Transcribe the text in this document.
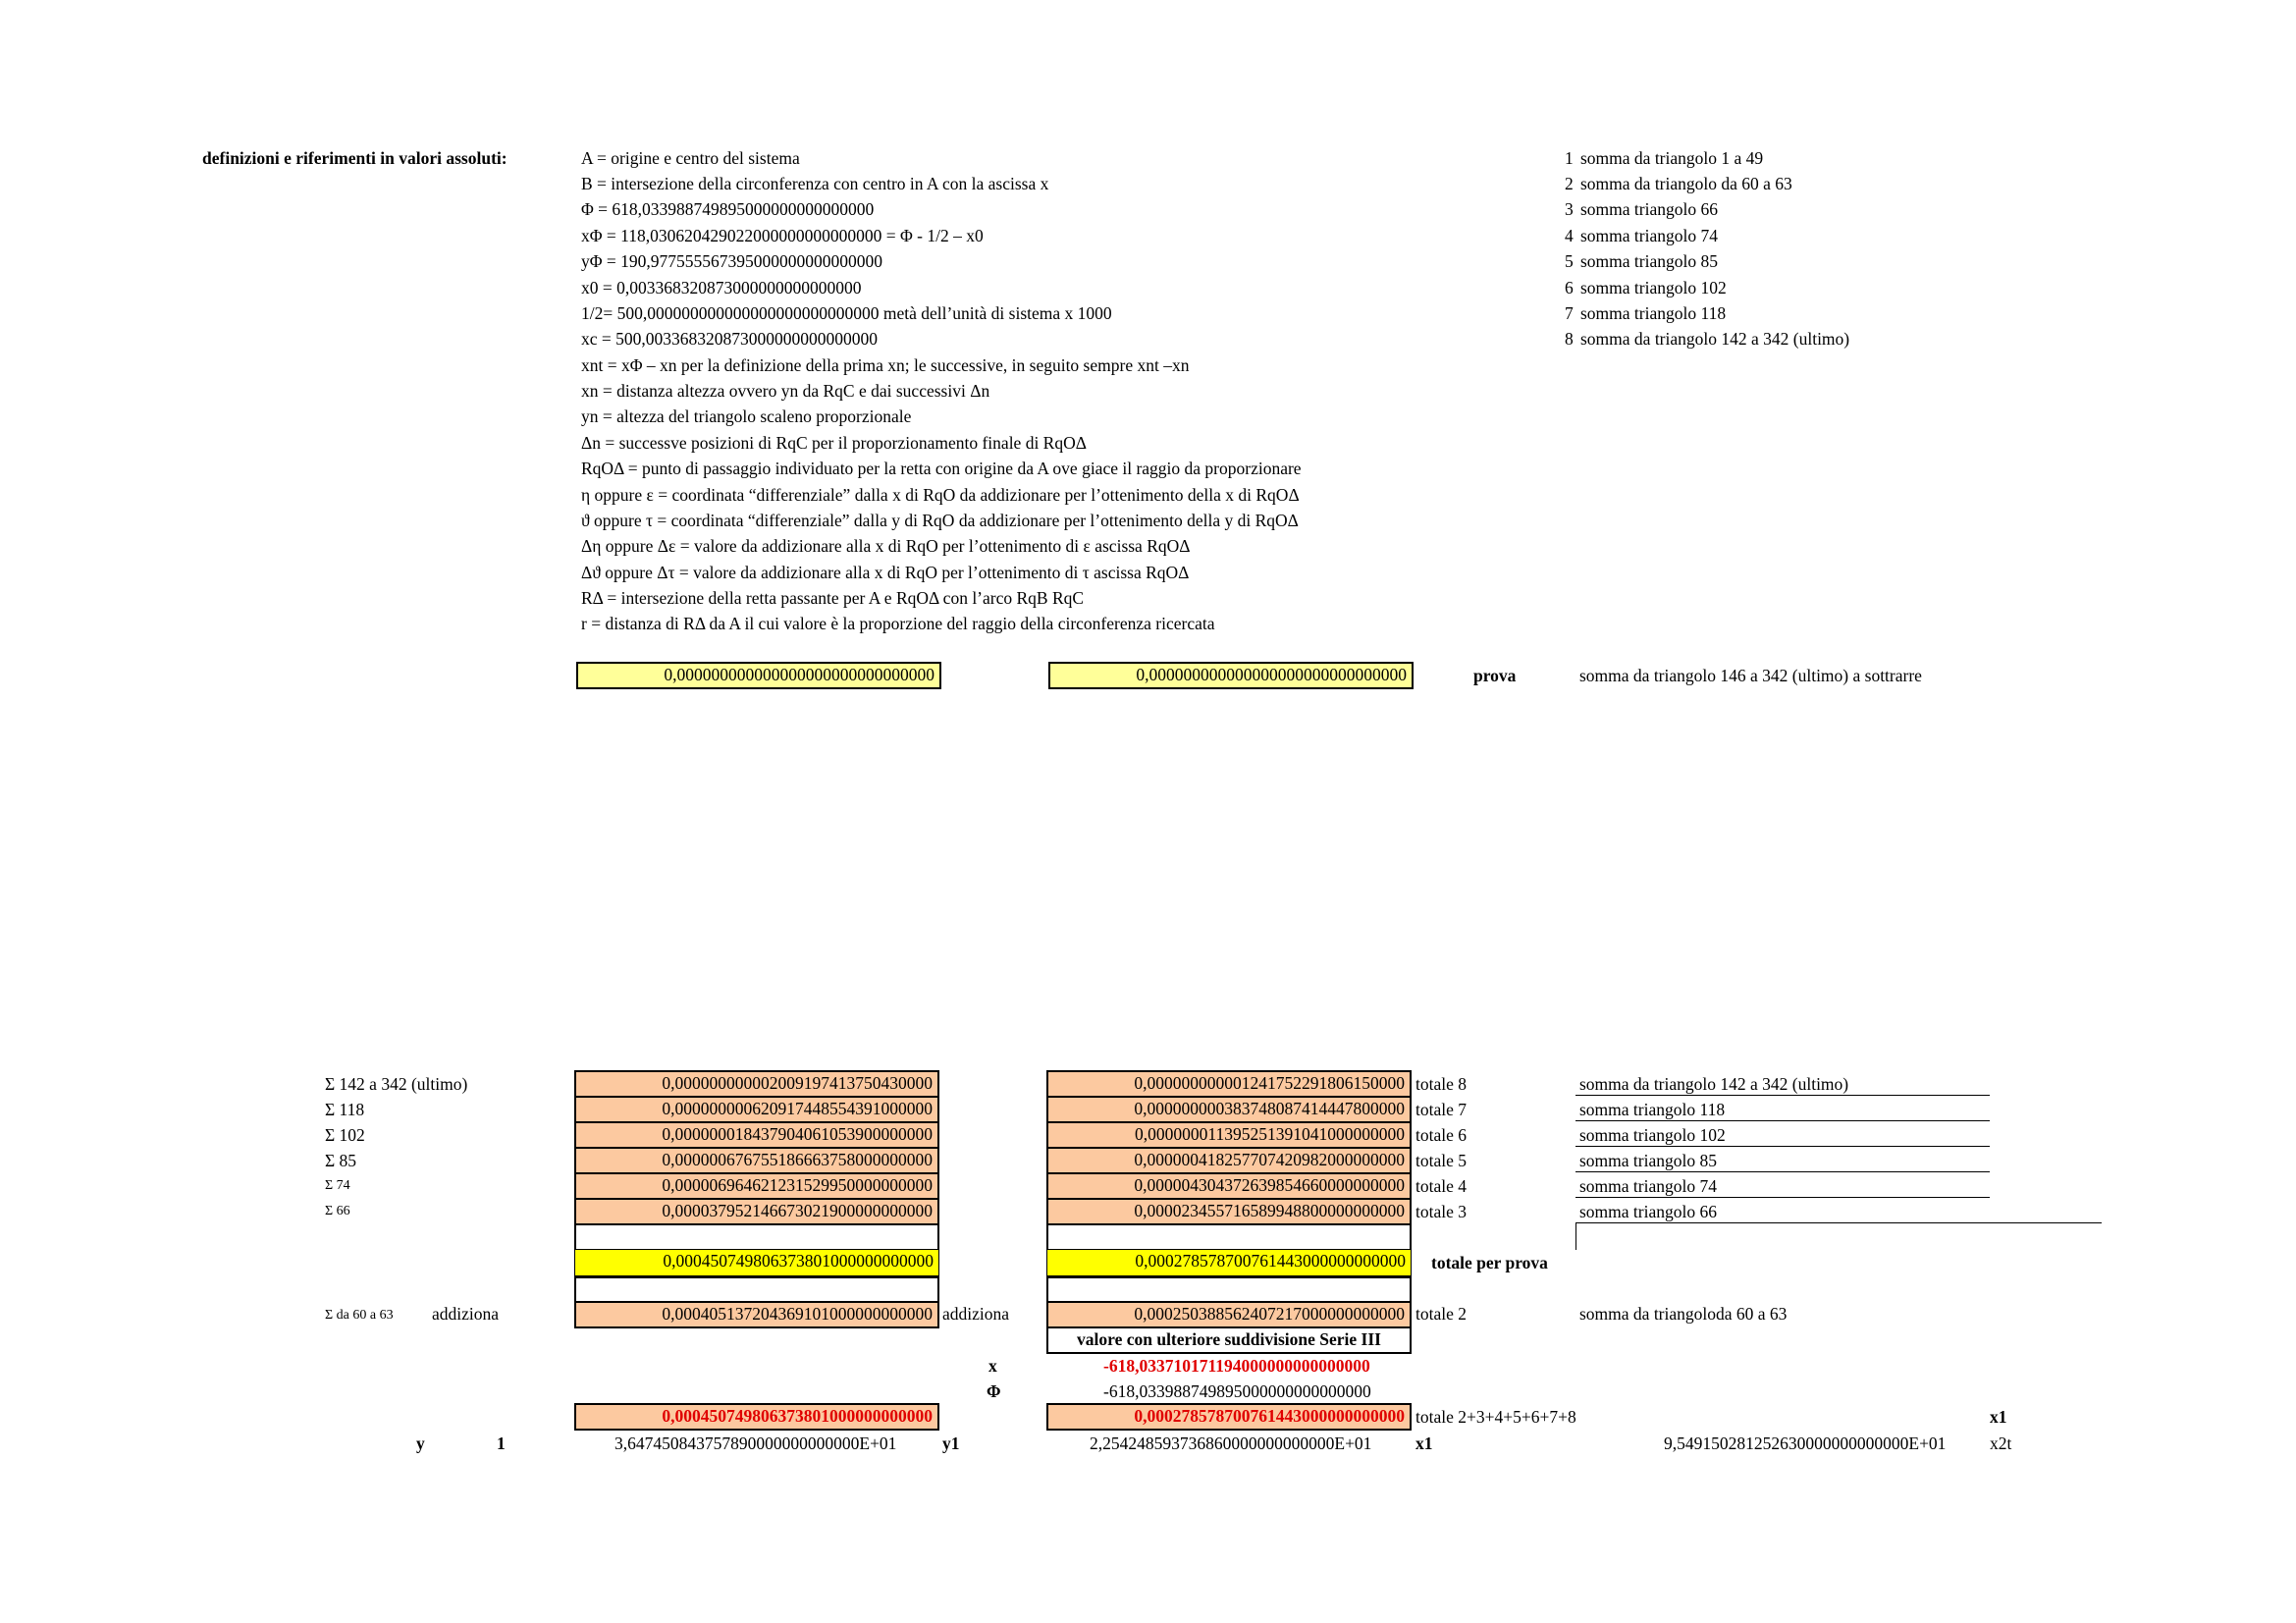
definizioni e riferimenti in valori assoluti:	A = origine e centro del sistema
B = intersezione della circonferenza con centro in A con la ascissa x
Φ = 618,033988749895000000000000000
xΦ = 118,030620429022000000000000000 = Φ - 1/2 – x0
yΦ = 190,977555567395000000000000000
x0 = 0,003368320873000000000000000
1/2= 500,000000000000000000000000000 metà dell’unità di sistema x 1000
xc = 500,003368320873000000000000000
xnt = xΦ – xn per la definizione della prima xn; le successive, in seguito sempre xnt –xn
xn = distanza altezza ovvero yn da RqC e dai successivi Δn
yn = altezza del triangolo scaleno proporzionale
Δn = successve posizioni di RqC per il proporzionamento finale di RqOΔ
RqOΔ = punto di passaggio individuato per la retta con origine da A ove giace il raggio da proporzionare
η oppure ε = coordinata “differenziale” dalla x di RqO da addizionare per l’ottenimento della x di RqOΔ
ϑ oppure τ = coordinata “differenziale” dalla y di RqO da addizionare per l’ottenimento della y di RqOΔ
Δη oppure Δε = valore da addizionare alla x di RqO per l’ottenimento di ε ascissa RqOΔ
Δϑ oppure Δτ = valore da addizionare alla x di RqO per l’ottenimento di τ ascissa RqOΔ
RΔ = intersezione della retta passante per A e RqOΔ con l’arco RqB RqC
r = distanza di RΔ da A il cui valore è la proporzione del raggio della circonferenza ricercata
1 somma da triangolo 1 a 49
2 somma da triangolo da 60 a 63
3 somma triangolo 66
4 somma triangolo 74
5 somma triangolo 85
6 somma triangolo 102
7 somma triangolo 118
8 somma da triangolo 142 a 342 (ultimo)
0,000000000000000000000000000000	0,000000000000000000000000000000	prova	somma da triangolo 146 a 342 (ultimo) a sottrarre
Σ 142 a 342 (ultimo)	0,000000000002009197413750430000	0,000000000001241752291806150000 totale 8	somma da triangolo 142 a 342 (ultimo)
Σ 118	0,000000000620917448554391000000	0,000000000383748087414447800000 totale 7	somma triangolo 118
Σ 102	0,000000018437904061053900000000	0,000000011395251391041000000000 totale 6	somma triangolo 102
Σ 85	0,000000676755186663758000000000	0,000000418257707420982000000000 totale 5	somma triangolo 85
Σ 74	0,000006964621231529950000000000	0,000004304372639854660000000000 totale 4	somma triangolo 74
Σ 66	0,000037952146673021900000000000	0,000023455716589948800000000000 totale 3	somma triangolo 66
0,000450749806373801000000000000	0,000278578700761443000000000000	totale per prova
Σ da 60 a 63 addiziona	0,000405137204369101000000000000 addiziona	0,000250388562407217000000000000 totale 2	somma da triangoloda 60 a 63
valore con ulteriore suddivisione Serie III
x	-618,033710171194000000000000000
Φ	-618,033988749895000000000000000
0,000450749806373801000000000000	0,000278578700761443000000000000 totale 2+3+4+5+6+7+8	x1
y	1	3,647450843757890000000000000E+01	y1	2,254248593736860000000000000E+01	x1	9,549150281252630000000000000E+01	x2t
